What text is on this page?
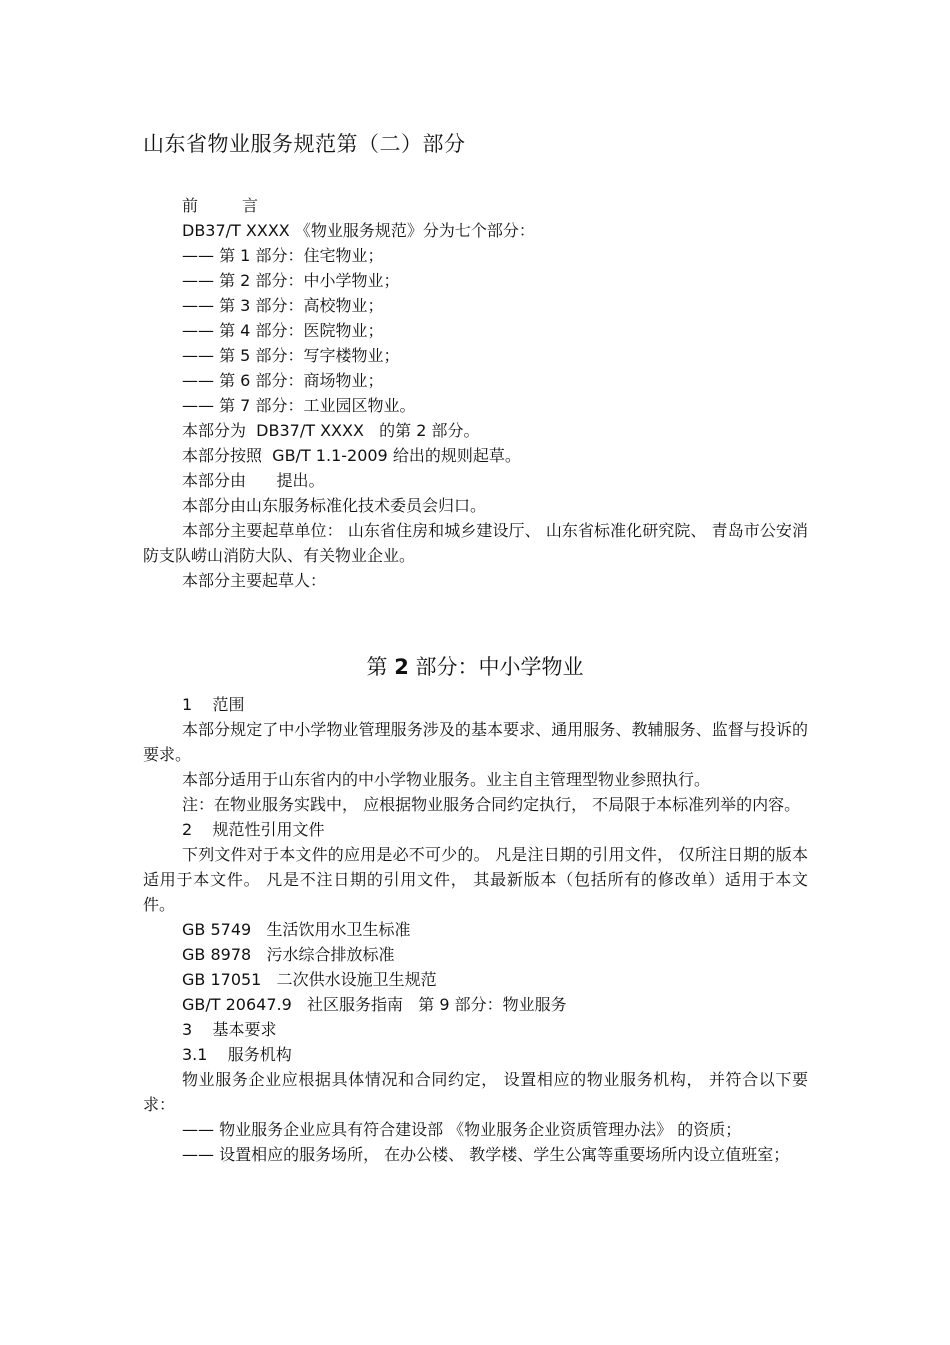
山东省物业服务规范第（二）部分

前	言

DB37/T XXXX 《物业服务规范》分为七个部分：

—— 第 1 部分：住宅物业；

—— 第 2 部分：中小学物业；

—— 第 3 部分：高校物业；

—— 第 4 部分：医院物业；

—— 第 5 部分：写字楼物业；

—— 第 6 部分：商场物业；

—— 第 7 部分：工业园区物业。

本部分为  DB37/T XXXX   的第 2 部分。

本部分按照  GB/T 1.1-2009 给出的规则起草。

本部分由      提出。

本部分由山东服务标准化技术委员会归口。

本部分主要起草单位： 山东省住房和城乡建设厅、 山东省标准化研究院、 青岛市公安消防支队崂山消防大队、有关物业企业。

本部分主要起草人：

第 2 部分：中小学物业

1    范围

本部分规定了中小学物业管理服务涉及的基本要求、通用服务、教辅服务、监督与投诉的要求。

本部分适用于山东省内的中小学物业服务。业主自主管理型物业参照执行。

注：在物业服务实践中， 应根据物业服务合同约定执行， 不局限于本标准列举的内容。

2    规范性引用文件

下列文件对于本文件的应用是必不可少的。 凡是注日期的引用文件， 仅所注日期的版本适用于本文件。 凡是不注日期的引用文件， 其最新版本（包括所有的修改单）适用于本文件。

GB 5749   生活饮用水卫生标准

GB 8978   污水综合排放标准

GB 17051   二次供水设施卫生规范

GB/T 20647.9   社区服务指南   第 9 部分：物业服务

3    基本要求

3.1    服务机构

物业服务企业应根据具体情况和合同约定， 设置相应的物业服务机构， 并符合以下要求：

—— 物业服务企业应具有符合建设部 《物业服务企业资质管理办法》 的资质；

—— 设置相应的服务场所， 在办公楼、 教学楼、学生公寓等重要场所内设立值班室；
